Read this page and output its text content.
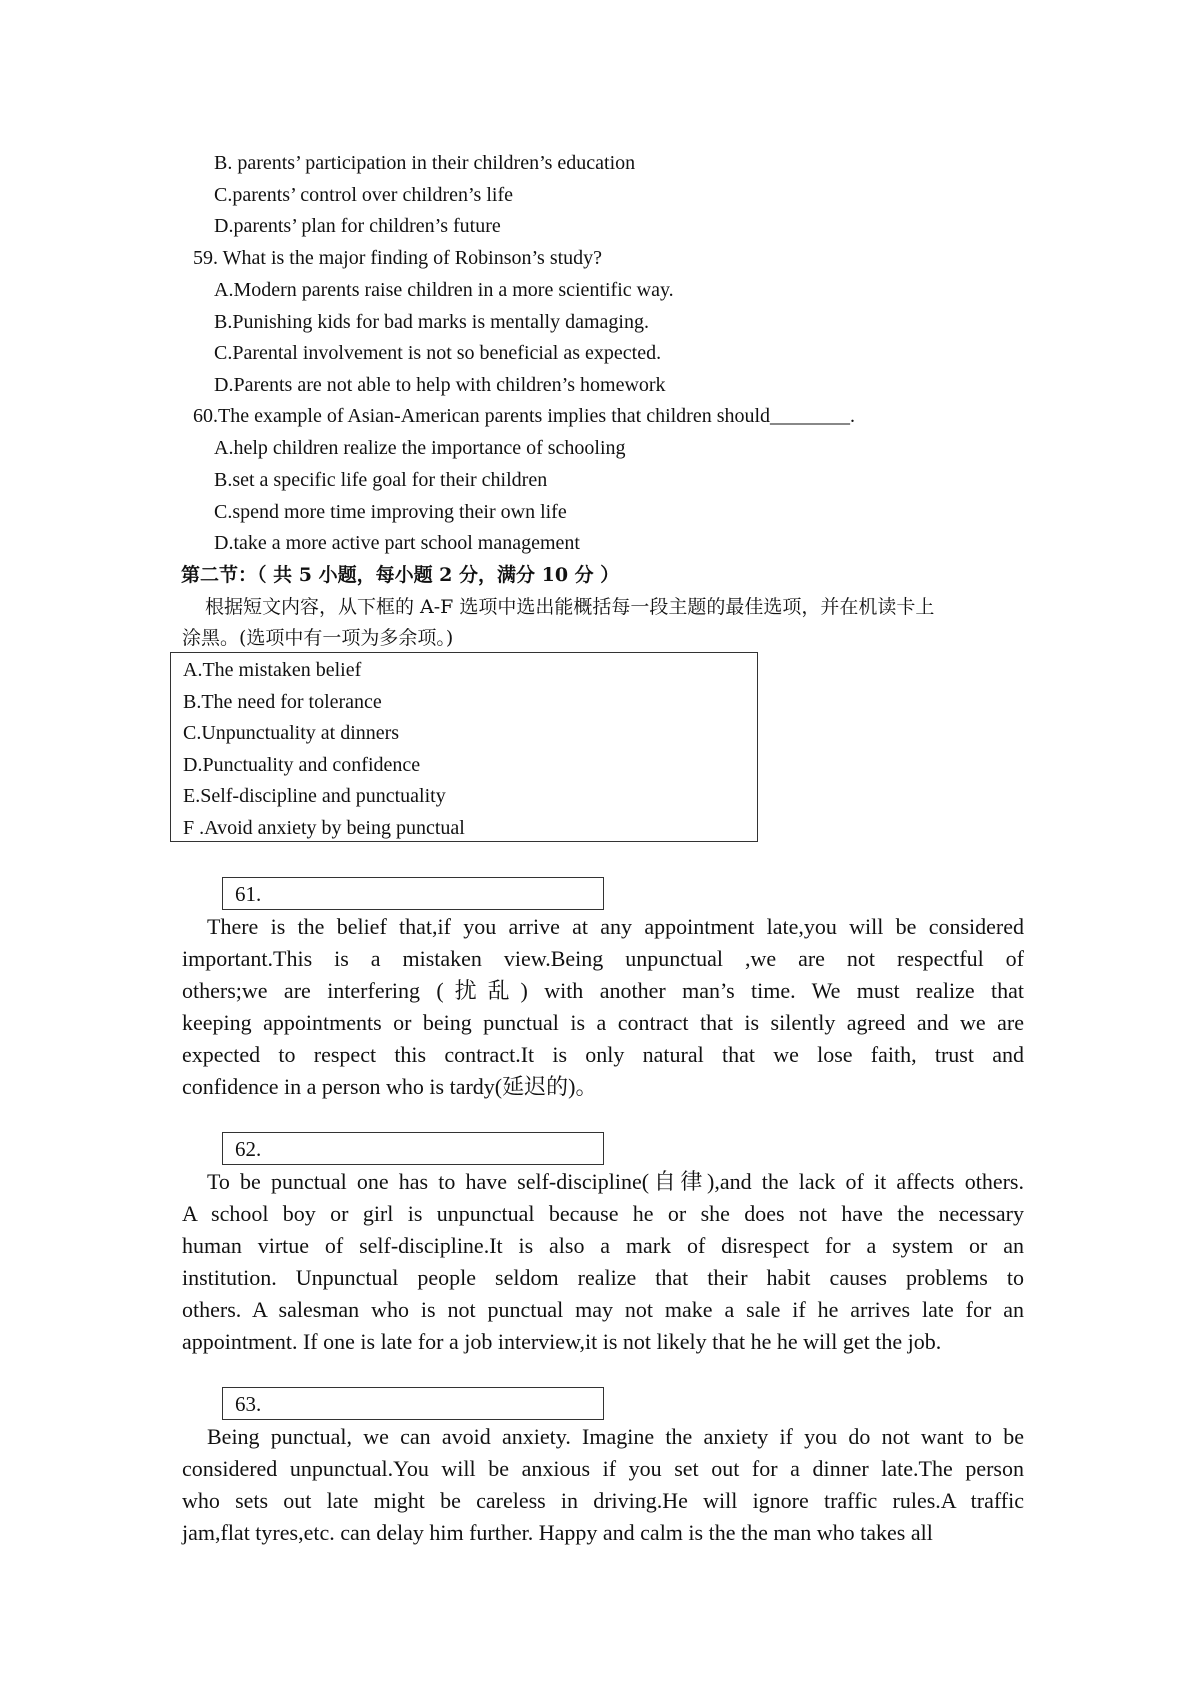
B. parents’ participation in their children’s education
C.parents’ control over children’s life
D.parents’ plan for children’s future
59. What is the major finding of Robinson’s study?
A.Modern parents raise children in a more scientific way.
B.Punishing kids for bad marks is mentally damaging.
C.Parental involvement is not so beneficial as expected.
D.Parents are not able to help with children’s homework
60.The example of Asian-American parents implies that children should________.
A.help children realize the importance of schooling
B.set a specific life goal for their children
C.spend more time improving their own life
D.take a more active part school management
第二节：（ 共 5 小题，每小题 2 分，满分 10 分 ）
根据短文内容，从下框的 A-F 选项中选出能概括每一段主题的最佳选项，并在机读卡上
涂黑。(选项中有一项为多余项。)
A.The mistaken belief
B.The need for tolerance
C.Unpunctuality at dinners
D.Punctuality and confidence
E.Self-discipline and punctuality
F .Avoid anxiety by being punctual
61.

There is the belief that,if you arrive at any appointment late,you will be considered

important.This is a mistaken view.Being unpunctual ,we are not respectful of

others;we are interfering (扰乱) with another man’s time. We must realize that

keeping appointments or being punctual is a contract that is silently agreed and we are

expected to respect this contract.It is only natural that we lose faith, trust and

confidence in a person who is tardy(延迟的)。

62.

To be punctual one has to have self-discipline(自律),and the lack of it affects others.

A school boy or girl is unpunctual because he or she does not have the necessary

human virtue of self-discipline.It is also a mark of disrespect for a system or an

institution. Unpunctual people seldom realize that their habit causes problems to

others. A salesman who is not punctual may not make a sale if he arrives late for an

appointment. If one is late for a job interview,it is not likely that he he will get the job.

63.

Being punctual, we can avoid anxiety. Imagine the anxiety if you do not want to be

considered unpunctual.You will be anxious if you set out for a dinner late.The person

who sets out late might be careless in driving.He will ignore traffic rules.A traffic

jam,flat tyres,etc. can delay him further. Happy and calm is the the man who takes all
